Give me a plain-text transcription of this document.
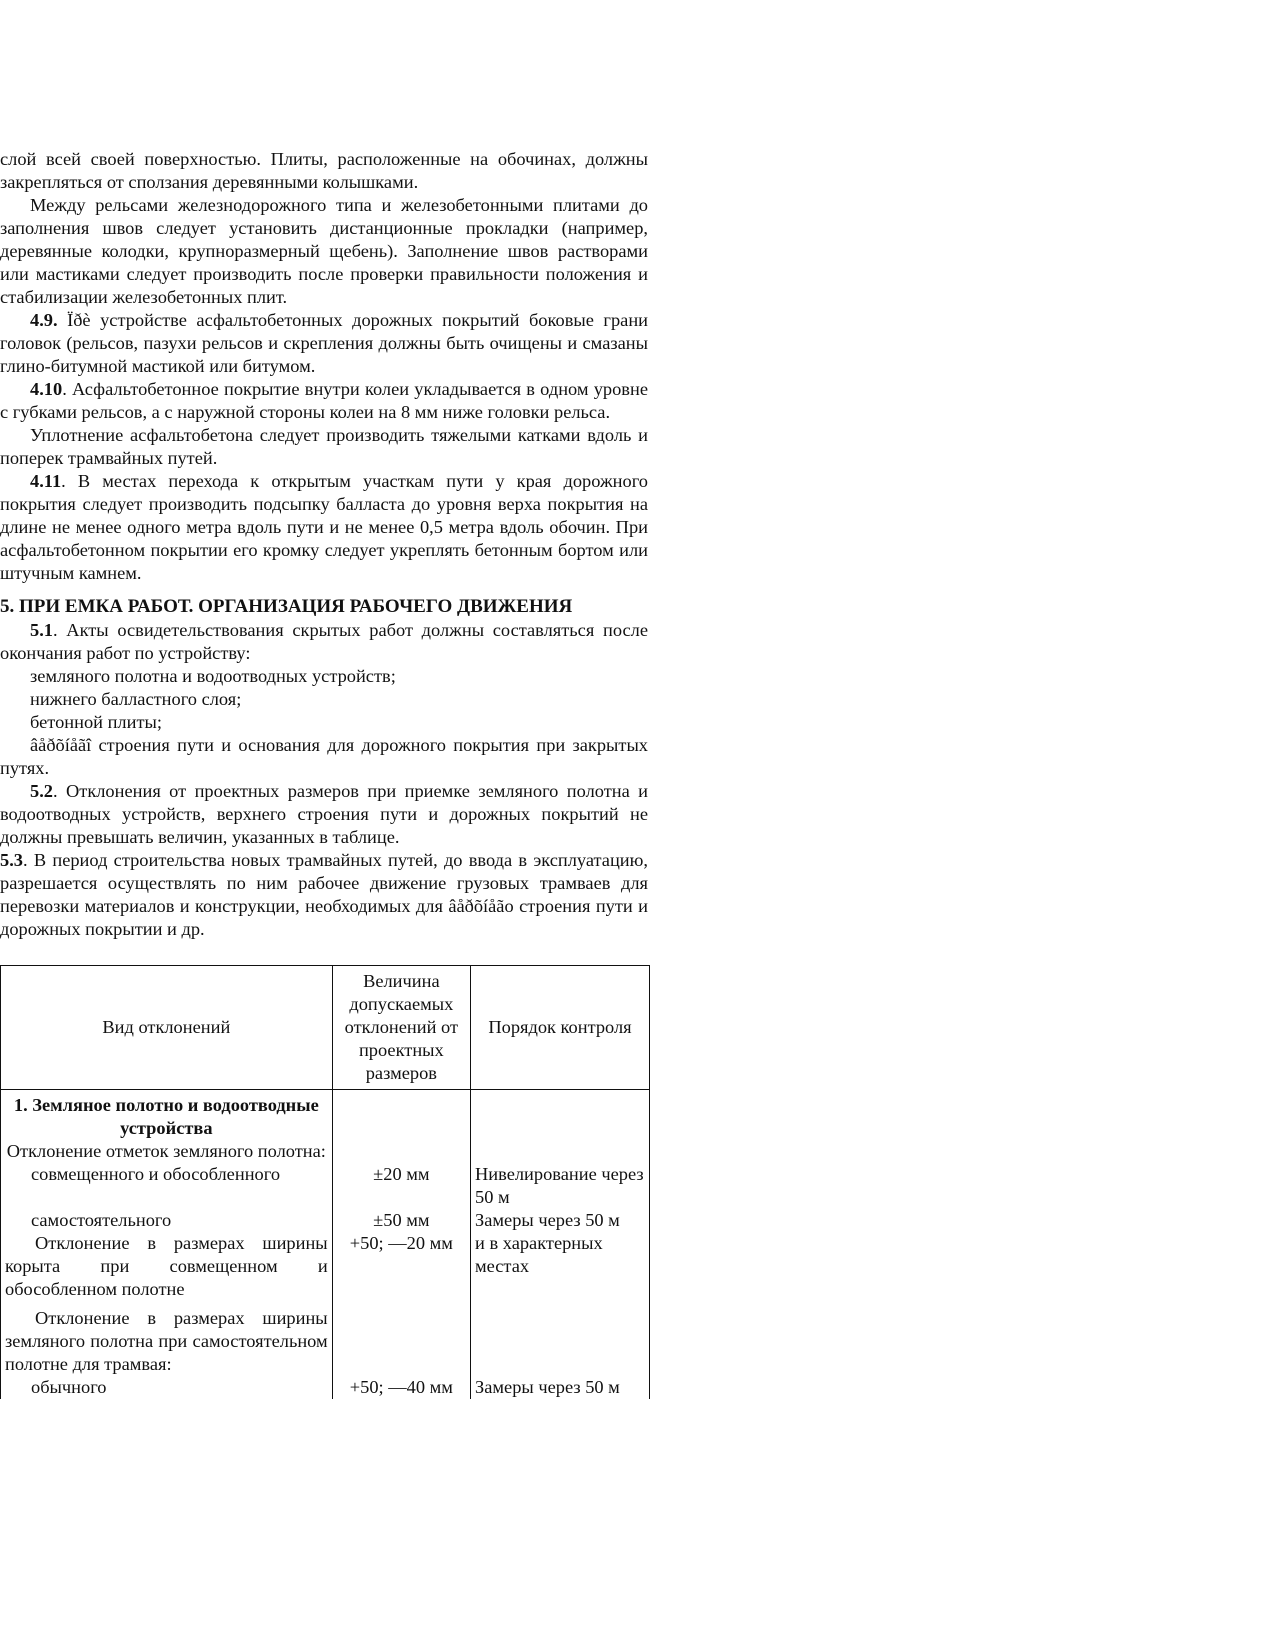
слой всей своей поверхностью. Плиты, расположенные на обочинах, должны закрепляться от сползания деревянными колышками.

Между рельсами железнодорожного типа и железобетонными плитами до заполнения швов следует установить дистанционные прокладки (например, деревянные колодки, крупноразмерный щебень). Заполнение швов растворами или мастиками следует производить после проверки правильности положения и стабилизации железобетонных плит.

4.9. Ïðè устройстве асфальтобетонных дорожных покрытий боковые грани головок (рельсов, пазухи рельсов и скрепления должны быть очищены и смазаны глино-битумной мастикой или битумом.

4.10. Асфальтобетонное покрытие внутри колеи укладывается в одном уровне с губками рельсов, а с наружной стороны колеи на 8 мм ниже головки рельса.

Уплотнение асфальтобетона следует производить тяжелыми катками вдоль и поперек трамвайных путей.

4.11. В местах перехода к открытым участкам пути у края дорожного покрытия следует производить подсыпку балласта до уровня верха покрытия на длине не менее одного метра вдоль пути и не менее 0,5 метра вдоль обочин. При асфальтобетонном покрытии его кромку следует укреплять бетонным бортом или штучным камнем.

5. ПРИ ЕМКА РАБОТ. ОРГАНИЗАЦИЯ РАБОЧЕГО ДВИЖЕНИЯ

5.1. Акты освидетельствования скрытых работ должны составляться после окончания работ по устройству:

земляного полотна и водоотводных устройств;

нижнего балластного слоя;

бетонной плиты;

âåðõíåãî строения пути и основания для дорожного покрытия при закрытых путях.

5.2. Отклонения от проектных размеров при приемке земляного полотна и водоотводных устройств, верхнего строения пути и дорожных покрытий не должны превышать величин, указанных в таблице.

5.3. В период строительства новых трамвайных путей, до ввода в эксплуатацию, разрешается осуществлять по ним рабочее движение грузовых трамваев для перевозки материалов и конструкции, необходимых для âåðõíåão строения пути и дорожных покрытии и др.

Вид отклонений	Величина допускаемых отклонений от проектных размеров	Порядок контроля

1. Земляное полотно и водоотводные устройства
Отклонение отметок земляного полотна:		

совмещенного и обособленного	±20 мм	Нивелирование через 50 м
самостоятельного	±50 мм	Замеры через 50 м
Отклонение в размерах ширины корыта при совмещенном и обособленном полотне	+50; —20 мм	и в характерных местах
Отклонение в размерах ширины земляного полотна при самостоятельном полотне для трамвая:		
обычного	+50; —40 мм	Замеры через 50 м
